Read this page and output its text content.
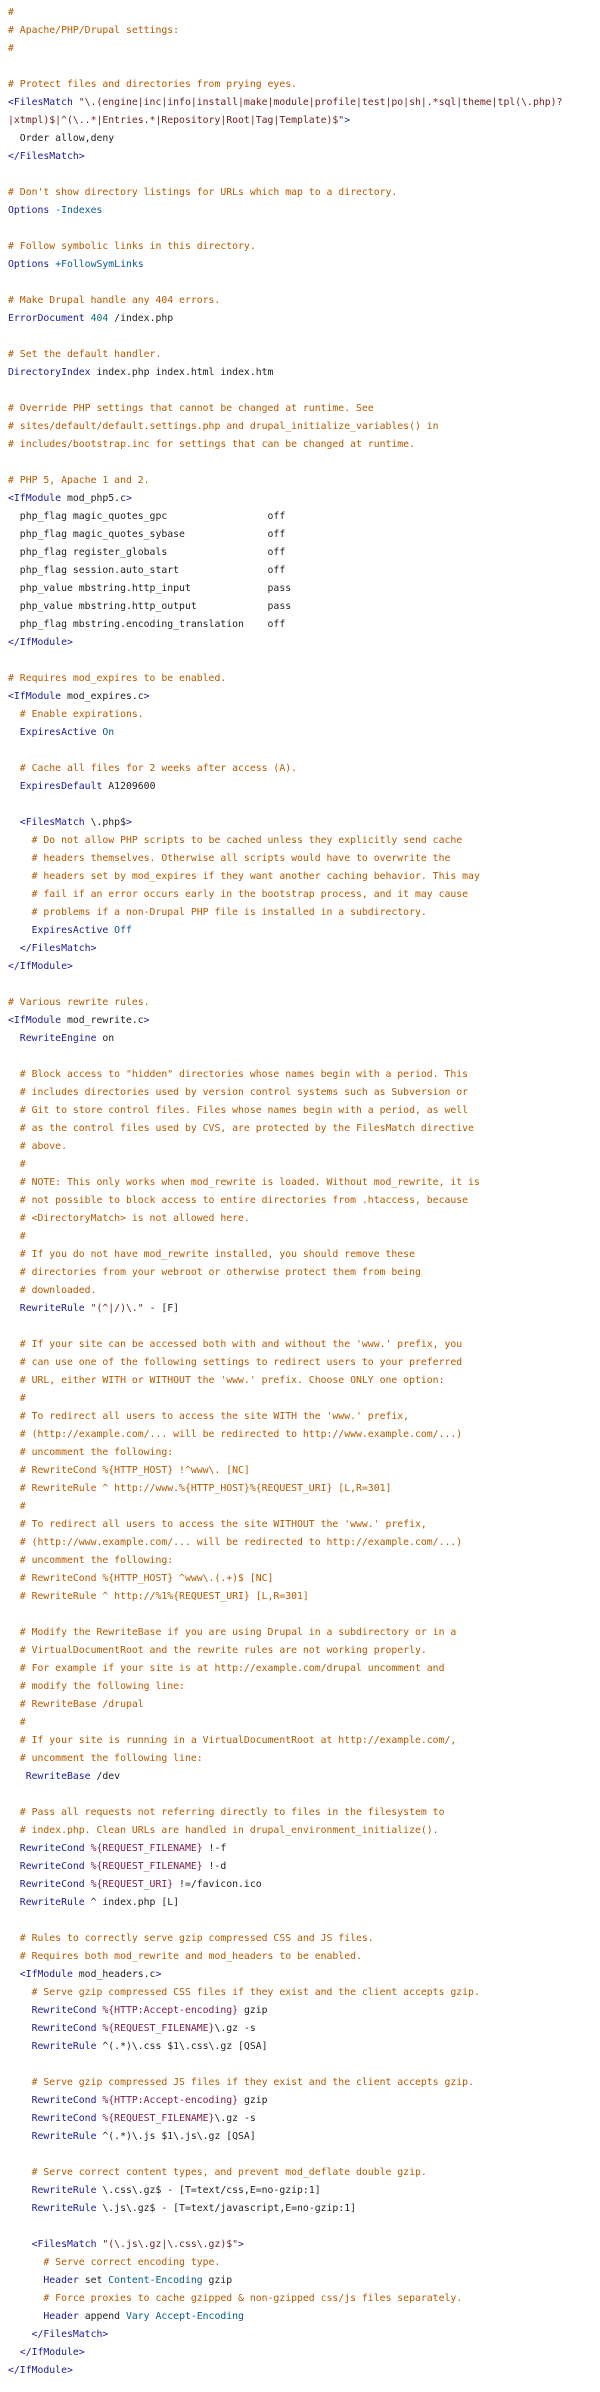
#
# Apache/PHP/Drupal settings:
#

# Protect files and directories from prying eyes.
<FilesMatch "\.(engine|inc|info|install|make|module|profile|test|po|sh|.*sql|theme|tpl(\.php)?
|xtmpl)$|^(\..*|Entries.*|Repository|Root|Tag|Template)$">
Order allow,deny
</FilesMatch>

# Don't show directory listings for URLs which map to a directory.
Options -Indexes

# Follow symbolic links in this directory.
Options +FollowSymLinks

# Make Drupal handle any 404 errors.
ErrorDocument 404 /index.php

# Set the default handler.
DirectoryIndex index.php index.html index.htm

# Override PHP settings that cannot be changed at runtime. See
# sites/default/default.settings.php and drupal_initialize_variables() in
# includes/bootstrap.inc for settings that can be changed at runtime.

# PHP 5, Apache 1 and 2.
<IfModule mod_php5.c>
php_flag magic_quotes_gpc                 off
php_flag magic_quotes_sybase              off
php_flag register_globals                 off
php_flag session.auto_start               off
php_value mbstring.http_input             pass
php_value mbstring.http_output            pass
php_flag mbstring.encoding_translation    off
</IfModule>

# Requires mod_expires to be enabled.
<IfModule mod_expires.c>
# Enable expirations.
ExpiresActive On

# Cache all files for 2 weeks after access (A).
ExpiresDefault A1209600

<FilesMatch \.php$>
# Do not allow PHP scripts to be cached unless they explicitly send cache
# headers themselves. Otherwise all scripts would have to overwrite the
# headers set by mod_expires if they want another caching behavior. This may
# fail if an error occurs early in the bootstrap process, and it may cause
# problems if a non-Drupal PHP file is installed in a subdirectory.
ExpiresActive Off
</FilesMatch>
</IfModule>

# Various rewrite rules.
<IfModule mod_rewrite.c>
RewriteEngine on

# Block access to "hidden" directories whose names begin with a period. This
# includes directories used by version control systems such as Subversion or
# Git to store control files. Files whose names begin with a period, as well
# as the control files used by CVS, are protected by the FilesMatch directive
# above.
#
# NOTE: This only works when mod_rewrite is loaded. Without mod_rewrite, it is
# not possible to block access to entire directories from .htaccess, because
# <DirectoryMatch> is not allowed here.
#
# If you do not have mod_rewrite installed, you should remove these
# directories from your webroot or otherwise protect them from being
# downloaded.
RewriteRule "(^|/)\." - [F]

# If your site can be accessed both with and without the 'www.' prefix, you
# can use one of the following settings to redirect users to your preferred
# URL, either WITH or WITHOUT the 'www.' prefix. Choose ONLY one option:
#
# To redirect all users to access the site WITH the 'www.' prefix,
# (http://example.com/... will be redirected to http://www.example.com/...)
# uncomment the following:
# RewriteCond %{HTTP_HOST} !^www\. [NC]
# RewriteRule ^ http://www.%{HTTP_HOST}%{REQUEST_URI} [L,R=301]
#
# To redirect all users to access the site WITHOUT the 'www.' prefix,
# (http://www.example.com/... will be redirected to http://example.com/...)
# uncomment the following:
# RewriteCond %{HTTP_HOST} ^www\.(.+)$ [NC]
# RewriteRule ^ http://%1%{REQUEST_URI} [L,R=301]

# Modify the RewriteBase if you are using Drupal in a subdirectory or in a
# VirtualDocumentRoot and the rewrite rules are not working properly.
# For example if your site is at http://example.com/drupal uncomment and
# modify the following line:
# RewriteBase /drupal
#
# If your site is running in a VirtualDocumentRoot at http://example.com/,
# uncomment the following line:
RewriteBase /dev

# Pass all requests not referring directly to files in the filesystem to
# index.php. Clean URLs are handled in drupal_environment_initialize().
RewriteCond %{REQUEST_FILENAME} !-f
RewriteCond %{REQUEST_FILENAME} !-d
RewriteCond %{REQUEST_URI} !=/favicon.ico
RewriteRule ^ index.php [L]

# Rules to correctly serve gzip compressed CSS and JS files.
# Requires both mod_rewrite and mod_headers to be enabled.
<IfModule mod_headers.c>
# Serve gzip compressed CSS files if they exist and the client accepts gzip.
RewriteCond %{HTTP:Accept-encoding} gzip
RewriteCond %{REQUEST_FILENAME}\.gz -s
RewriteRule ^(.*)\.css $1\.css\.gz [QSA]

# Serve gzip compressed JS files if they exist and the client accepts gzip.
RewriteCond %{HTTP:Accept-encoding} gzip
RewriteCond %{REQUEST_FILENAME}\.gz -s
RewriteRule ^(.*)\.js $1\.js\.gz [QSA]

# Serve correct content types, and prevent mod_deflate double gzip.
RewriteRule \.css\.gz$ - [T=text/css,E=no-gzip:1]
RewriteRule \.js\.gz$ - [T=text/javascript,E=no-gzip:1]

<FilesMatch "(\.js\.gz|\.css\.gz)$">
# Serve correct encoding type.
Header set Content-Encoding gzip
# Force proxies to cache gzipped & non-gzipped css/js files separately.
Header append Vary Accept-Encoding
</FilesMatch>
</IfModule>
</IfModule>
